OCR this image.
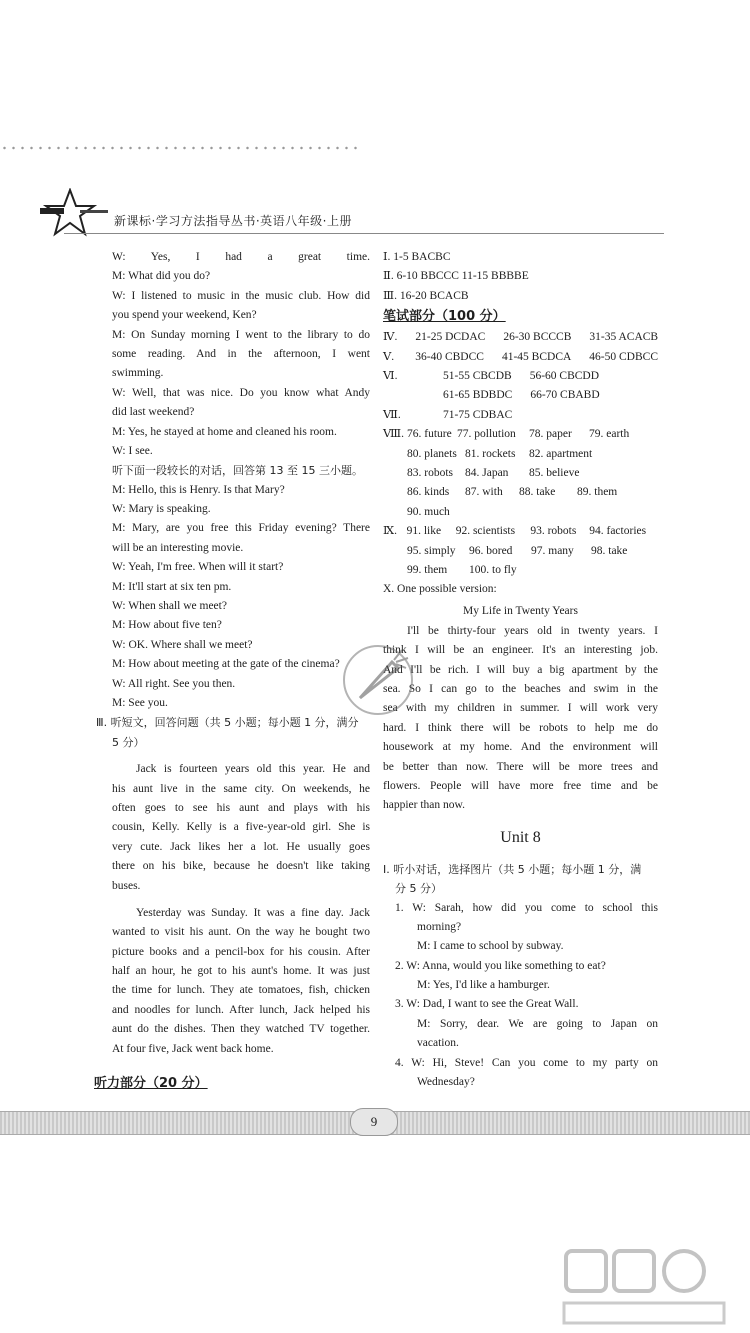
新课标·学习方法指导丛书·英语八年级·上册
W: Yes, I had a great time.
M: What did you do?
W: I listened to music in the music club. How did
you spend your weekend, Ken?
M: On Sunday morning I went to the library to do
some reading. And in the afternoon, I went
swimming.
W: Well, that was nice. Do you know what Andy
did last weekend?
M: Yes, he stayed at home and cleaned his room.
W: I see.
听下面一段较长的对话，回答第 13 至 15 三小题。
M: Hello, this is Henry. Is that Mary?
W: Mary is speaking.
M: Mary, are you free this Friday evening? There
will be an interesting movie.
W: Yeah, I'm free. When will it start?
M: It'll start at six ten pm.
W: When shall we meet?
M: How about five ten?
W: OK. Where shall we meet?
M: How about meeting at the gate of the cinema?
W: All right. See you then.
M: See you.
Ⅲ. 听短文，回答问题（共 5 小题；每小题 1 分，满分
5 分）
Jack is fourteen years old this year. He and
his aunt live in the same city. On weekends, he
often goes to see his aunt and plays with his
cousin, Kelly. Kelly is a five-year-old girl. She is
very cute. Jack likes her a lot. He usually goes
there on his bike, because he doesn't like taking
buses.
Yesterday was Sunday. It was a fine day. Jack
wanted to visit his aunt. On the way he bought two
picture books and a pencil-box for his cousin. After
half an hour, he got to his aunt's home. It was just
the time for lunch. They ate tomatoes, fish, chicken
and noodles for lunch. After lunch, Jack helped his
aunt do the dishes. Then they watched TV together.
At four five, Jack went back home.
听力部分（20 分）
Ⅰ. 1-5 BACBC
Ⅱ. 6-10 BBCCC 11-15 BBBBE
Ⅲ. 16-20 BCACB
笔试部分（100 分）
Ⅳ. 21-25 DCDAC 26-30 BCCCB 31-35 ACACB
Ⅴ. 36-40 CBDCC 41-45 BCDCA 46-50 CDBCC
Ⅵ.	51-55 CBCDB 56-60 CBCDD
61-65 BDBDC 66-70 CBABD
Ⅶ.	71-75 CDBAC
Ⅷ. 76. future 77. pollution	78. paper	79. earth
80. planets 81. rockets	82. apartment
83. robots	84. Japan	85. believe
86. kinds	87. with	88. take	89. them
90. much
Ⅸ. 91. like	92. scientists	93. robots	94. factories
95. simply	96. bored	97. many	98. take
99. them	100. to fly
X. One possible version:
My Life in Twenty Years
I'll be thirty-four years old in twenty years. I
think I will be an engineer. It's an interesting job.
And I'll be rich. I will buy a big apartment by the
sea. So I can go to the beaches and swim in the
sea with my children in summer. I will work very
hard. I think there will be robots to help me do
housework at my home. And the environment will
be better than now. There will be more trees and
flowers. People will have more free time and be
happier than now.
Unit 8
Ⅰ. 听小对话，选择图片（共 5 小题；每小题 1 分，满
分 5 分）
1. W: Sarah, how did you come to school this
morning?
M: I came to school by subway.
2. W: Anna, would you like something to eat?
M: Yes, I'd like a hamburger.
3. W: Dad, I want to see the Great Wall.
M: Sorry, dear. We are going to Japan on
vacation.
4. W: Hi, Steve! Can you come to my party on
Wednesday?
9
